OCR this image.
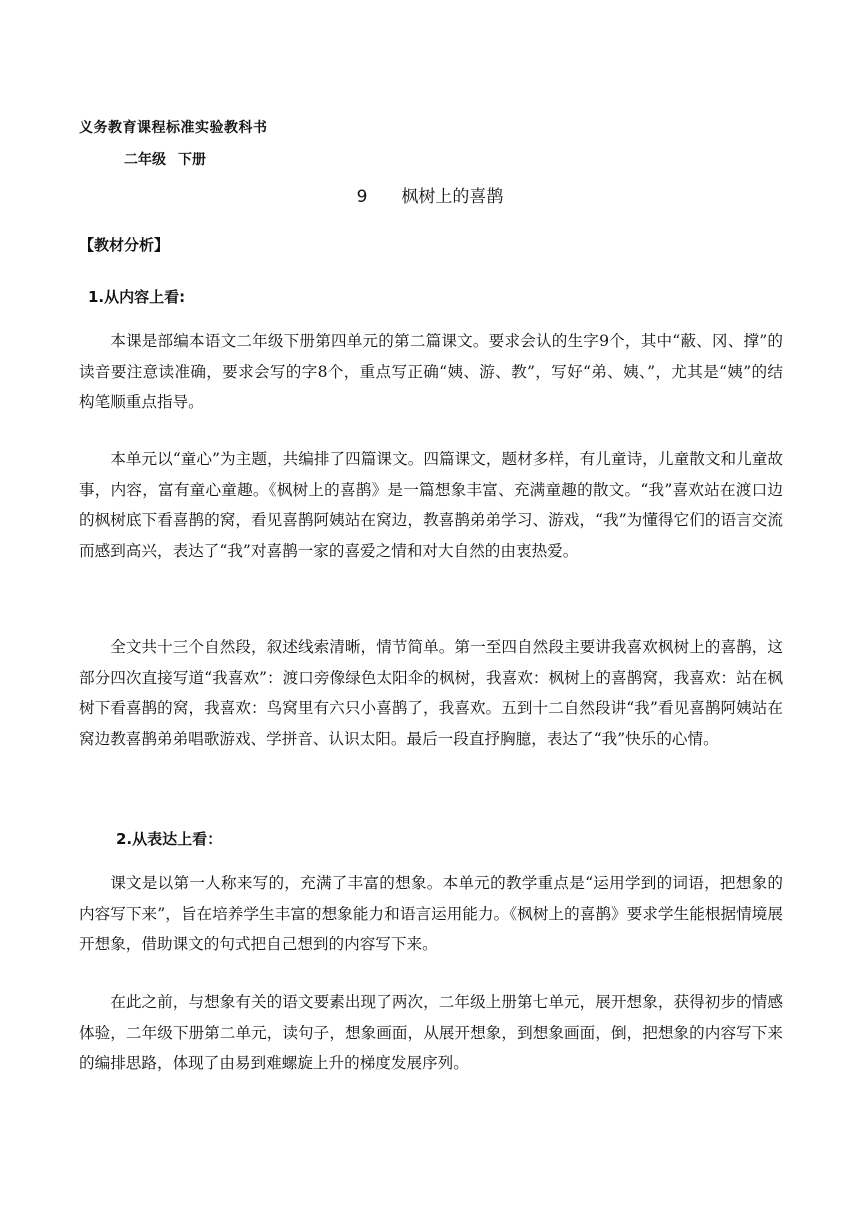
义务教育课程标准实验教科书
二年级 下册
9 枫树上的喜鹊
【教材分析】
1.从内容上看:

本课是部编本语文二年级下册第四单元的第二篇课文。要求会认的生字9个，其中“蔽、冈、撑”的读音要注意读准确，要求会写的字8个，重点写正确“姨、游、教”，写好“弟、姨、”，尤其是“姨”的结构笔顺重点指导。

本单元以“童心”为主题，共编排了四篇课文。四篇课文，题材多样，有儿童诗，儿童散文和儿童故事，内容，富有童心童趣。《枫树上的喜鹊》是一篇想象丰富、充满童趣的散文。“我”喜欢站在渡口边的枫树底下看喜鹊的窝，看见喜鹊阿姨站在窝边，教喜鹊弟弟学习、游戏，“我”为懂得它们的语言交流而感到高兴，表达了“我”对喜鹊一家的喜爱之情和对大自然的由衷热爱。

全文共十三个自然段，叙述线索清晰，情节简单。第一至四自然段主要讲我喜欢枫树上的喜鹊，这部分四次直接写道“我喜欢”：渡口旁像绿色太阳伞的枫树，我喜欢：枫树上的喜鹊窝，我喜欢：站在枫树下看喜鹊的窝，我喜欢：鸟窝里有六只小喜鹊了，我喜欢。五到十二自然段讲“我”看见喜鹊阿姨站在窝边教喜鹊弟弟唱歌游戏、学拼音、认识太阳。最后一段直抒胸臆，表达了“我”快乐的心情。

2.从表达上看：

课文是以第一人称来写的，充满了丰富的想象。本单元的教学重点是“运用学到的词语，把想象的内容写下来”，旨在培养学生丰富的想象能力和语言运用能力。《枫树上的喜鹊》要求学生能根据情境展开想象，借助课文的句式把自己想到的内容写下来。

在此之前，与想象有关的语文要素出现了两次，二年级上册第七单元，展开想象，获得初步的情感体验，二年级下册第二单元，读句子，想象画面，从展开想象，到想象画面，倒，把想象的内容写下来的编排思路，体现了由易到难螺旋上升的梯度发展序列。
